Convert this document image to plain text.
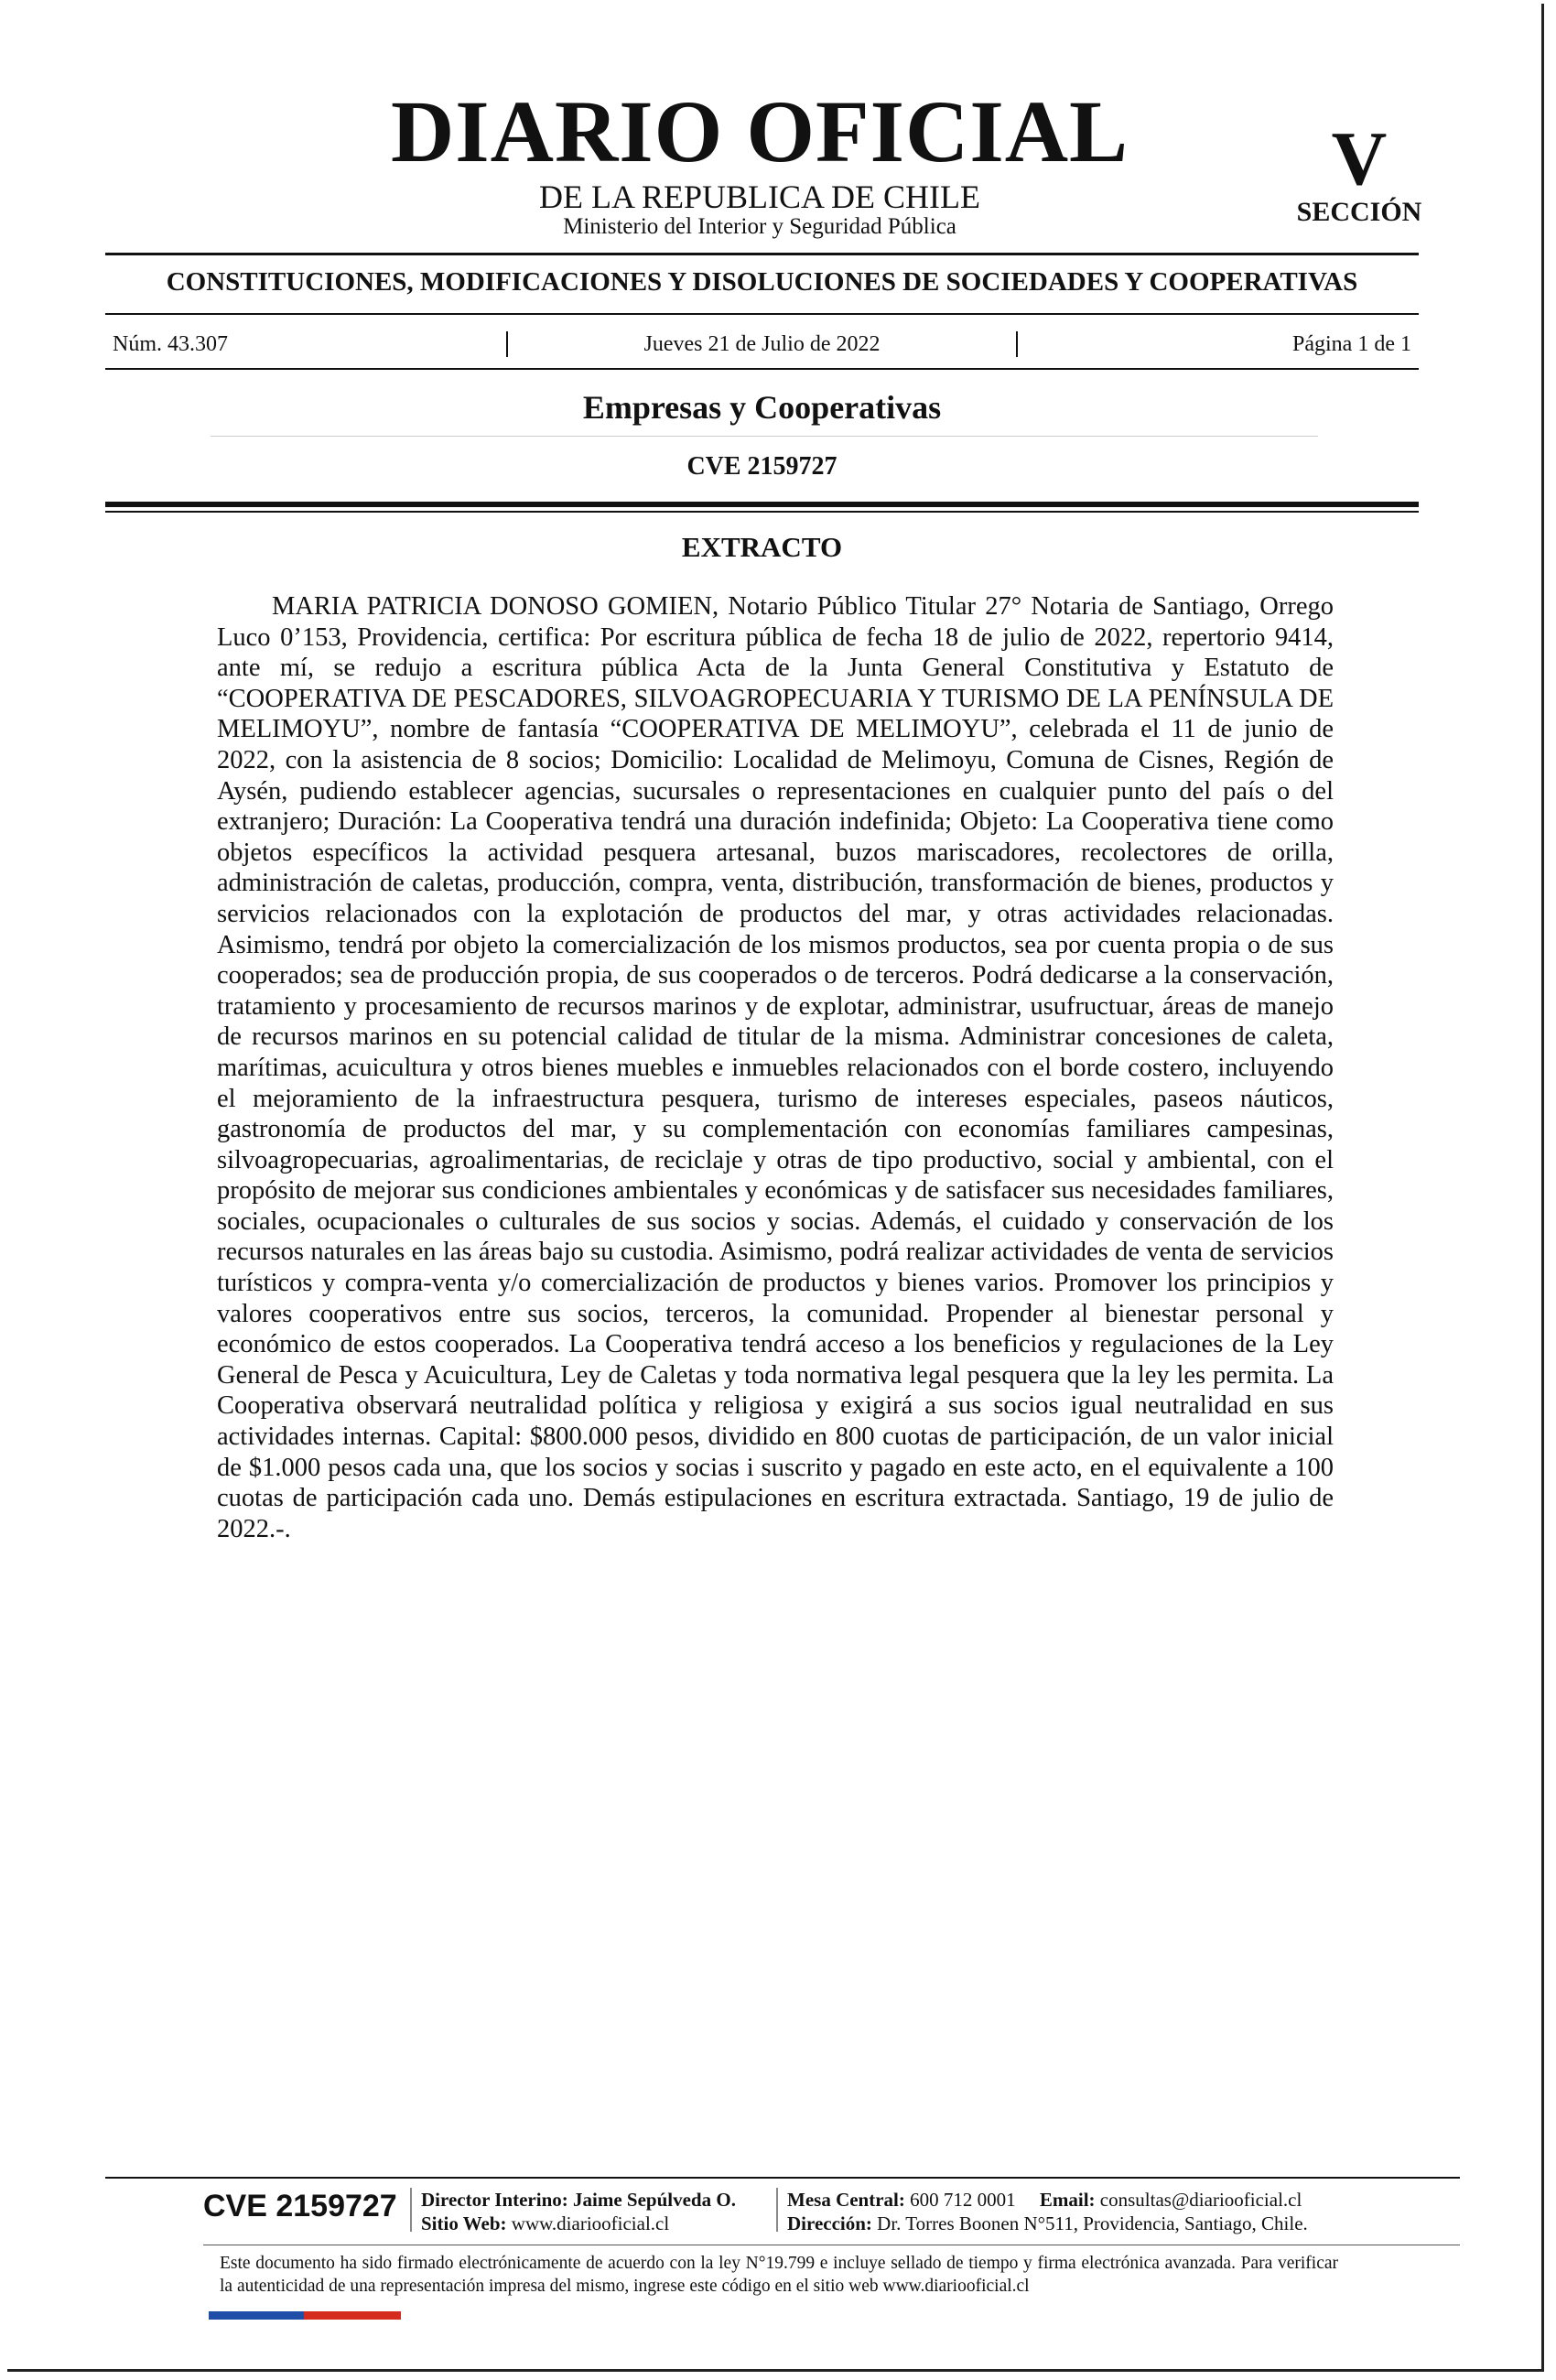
DIARIO OFICIAL
DE LA REPUBLICA DE CHILE
Ministerio del Interior y Seguridad Pública
V
SECCIÓN
CONSTITUCIONES, MODIFICACIONES Y DISOLUCIONES DE SOCIEDADES Y COOPERATIVAS
Núm. 43.307	Jueves 21 de Julio de 2022	Página 1 de 1
Empresas y Cooperativas
CVE 2159727
EXTRACTO

MARIA PATRICIA DONOSO GOMIEN, Notario Público Titular 27° Notaria de Santiago, Orrego Luco 0’153, Providencia, certifica: Por escritura pública de fecha 18 de julio de 2022, repertorio 9414, ante mí, se redujo a escritura pública Acta de la Junta General Constitutiva y Estatuto de “COOPERATIVA DE PESCADORES, SILVOAGROPECUARIA Y TURISMO DE LA PENÍNSULA DE MELIMOYU”, nombre de fantasía “COOPERATIVA DE MELIMOYU”, celebrada el 11 de junio de 2022, con la asistencia de 8 socios; Domicilio: Localidad de Melimoyu, Comuna de Cisnes, Región de Aysén, pudiendo establecer agencias, sucursales o representaciones en cualquier punto del país o del extranjero; Duración: La Cooperativa tendrá una duración indefinida; Objeto: La Cooperativa tiene como objetos específicos la actividad pesquera artesanal, buzos mariscadores, recolectores de orilla, administración de caletas, producción, compra, venta, distribución, transformación de bienes, productos y servicios relacionados con la explotación de productos del mar, y otras actividades relacionadas. Asimismo, tendrá por objeto la comercialización de los mismos productos, sea por cuenta propia o de sus cooperados; sea de producción propia, de sus cooperados o de terceros. Podrá dedicarse a la conservación, tratamiento y procesamiento de recursos marinos y de explotar, administrar, usufructuar, áreas de manejo de recursos marinos en su potencial calidad de titular de la misma. Administrar concesiones de caleta, marítimas, acuicultura y otros bienes muebles e inmuebles relacionados con el borde costero, incluyendo el mejoramiento de la infraestructura pesquera, turismo de intereses especiales, paseos náuticos, gastronomía de productos del mar, y su complementación con economías familiares campesinas, silvoagropecuarias, agroalimentarias, de reciclaje y otras de tipo productivo, social y ambiental, con el propósito de mejorar sus condiciones ambientales y económicas y de satisfacer sus necesidades familiares, sociales, ocupacionales o culturales de sus socios y socias. Además, el cuidado y conservación de los recursos naturales en las áreas bajo su custodia. Asimismo, podrá realizar actividades de venta de servicios turísticos y compra-venta y/o comercialización de productos y bienes varios. Promover los principios y valores cooperativos entre sus socios, terceros, la comunidad. Propender al bienestar personal y económico de estos cooperados. La Cooperativa tendrá acceso a los beneficios y regulaciones de la Ley General de Pesca y Acuicultura, Ley de Caletas y toda normativa legal pesquera que la ley les permita. La Cooperativa observará neutralidad política y religiosa y exigirá a sus socios igual neutralidad en sus actividades internas. Capital: $800.000 pesos, dividido en 800 cuotas de participación, de un valor inicial de $1.000 pesos cada una, que los socios y socias i suscrito y pagado en este acto, en el equivalente a 100 cuotas de participación cada uno. Demás estipulaciones en escritura extractada. Santiago, 19 de julio de 2022.-.

CVE 2159727 Director Interino: Jaime Sepúlveda O.
Sitio Web: www.diariooficial.cl
Mesa Central: 600 712 0001 Email: consultas@diariooficial.cl
Dirección: Dr. Torres Boonen N°511, Providencia, Santiago, Chile.
Este documento ha sido firmado electrónicamente de acuerdo con la ley N°19.799 e incluye sellado de tiempo y firma electrónica avanzada. Para verificar la autenticidad de una representación impresa del mismo, ingrese este código en el sitio web www.diariooficial.cl
